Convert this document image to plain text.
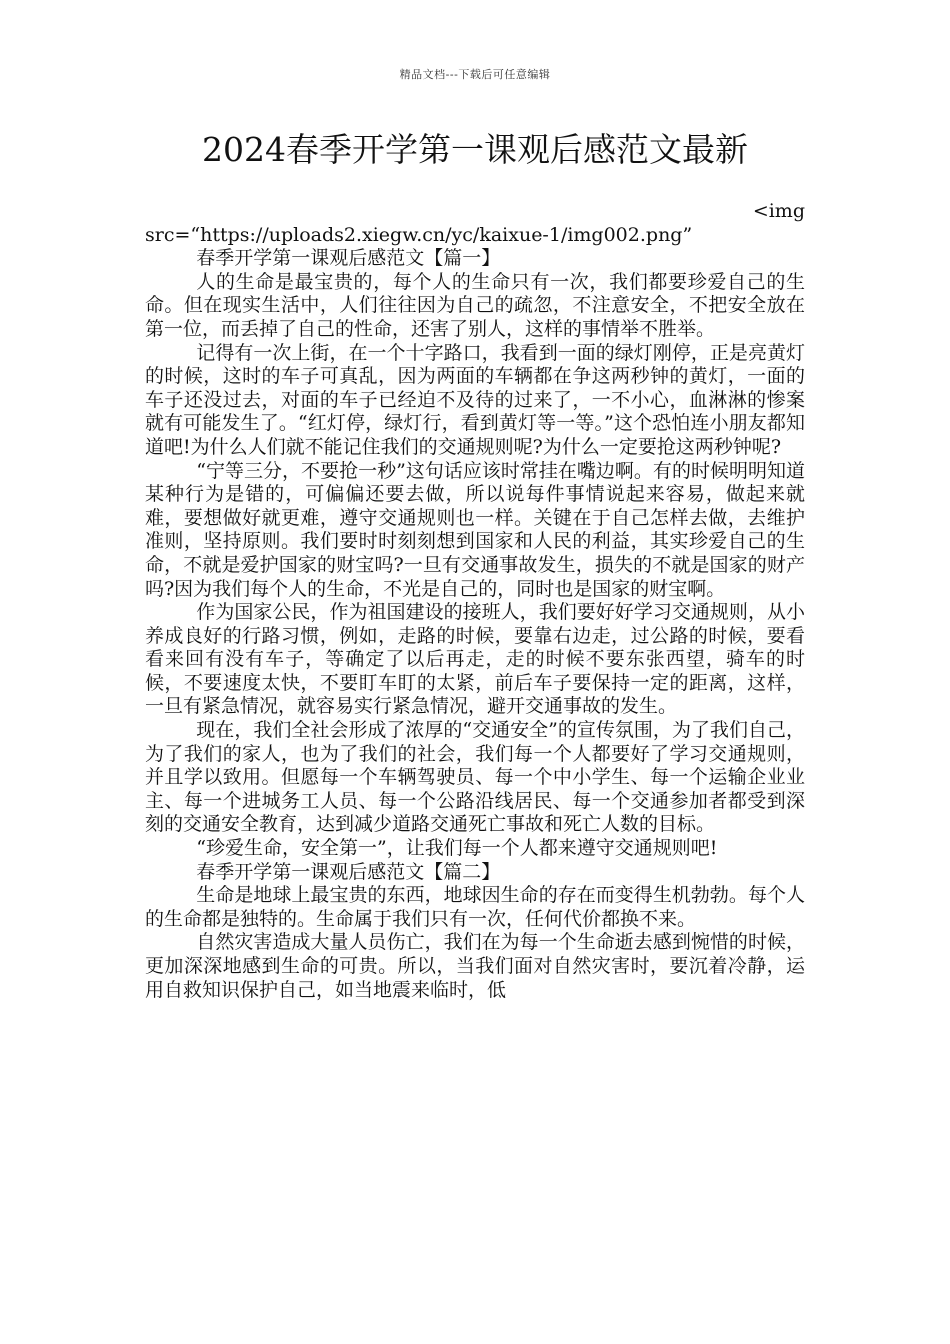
精品文档---下载后可任意编辑
2024春季开学第一课观后感范文最新

<img

src=“https://uploads2.xiegw.cn/yc/kaixue-1/img002.png”

春季开学第一课观后感范文【篇一】

人的生命是最宝贵的，每个人的生命只有一次，我们都要珍爱自己的生命。但在现实生活中，人们往往因为自己的疏忽，不注意安全，不把安全放在第一位，而丢掉了自己的性命，还害了别人，这样的事情举不胜举。

记得有一次上街，在一个十字路口，我看到一面的绿灯刚停，正是亮黄灯的时候，这时的车子可真乱，因为两面的车辆都在争这两秒钟的黄灯，一面的车子还没过去，对面的车子已经迫不及待的过来了，一不小心，血淋淋的惨案就有可能发生了。“红灯停，绿灯行，看到黄灯等一等。”这个恐怕连小朋友都知道吧!为什么人们就不能记住我们的交通规则呢?为什么一定要抢这两秒钟呢?

“宁等三分，不要抢一秒”这句话应该时常挂在嘴边啊。有的时候明明知道某种行为是错的，可偏偏还要去做，所以说每件事情说起来容易，做起来就难，要想做好就更难，遵守交通规则也一样。关键在于自己怎样去做，去维护准则，坚持原则。我们要时时刻刻想到国家和人民的利益，其实珍爱自己的生命，不就是爱护国家的财宝吗?一旦有交通事故发生，损失的不就是国家的财产吗?因为我们每个人的生命，不光是自己的，同时也是国家的财宝啊。

作为国家公民，作为祖国建设的接班人，我们要好好学习交通规则，从小养成良好的行路习惯，例如，走路的时候，要靠右边走，过公路的时候，要看看来回有没有车子，等确定了以后再走，走的时候不要东张西望，骑车的时候，不要速度太快，不要盯车盯的太紧，前后车子要保持一定的距离，这样，一旦有紧急情况，就容易实行紧急情况，避开交通事故的发生。

现在，我们全社会形成了浓厚的“交通安全”的宣传氛围，为了我们自己，为了我们的家人，也为了我们的社会，我们每一个人都要好了学习交通规则，并且学以致用。但愿每一个车辆驾驶员、每一个中小学生、每一个运输企业业主、每一个进城务工人员、每一个公路沿线居民、每一个交通参加者都受到深刻的交通安全教育，达到减少道路交通死亡事故和死亡人数的目标。

“珍爱生命，安全第一”，让我们每一个人都来遵守交通规则吧!

春季开学第一课观后感范文【篇二】

生命是地球上最宝贵的东西，地球因生命的存在而变得生机勃勃。每个人的生命都是独特的。生命属于我们只有一次，任何代价都换不来。

自然灾害造成大量人员伤亡，我们在为每一个生命逝去感到惋惜的时候，更加深深地感到生命的可贵。所以，当我们面对自然灾害时，要沉着冷静，运用自救知识保护自己，如当地震来临时，低
